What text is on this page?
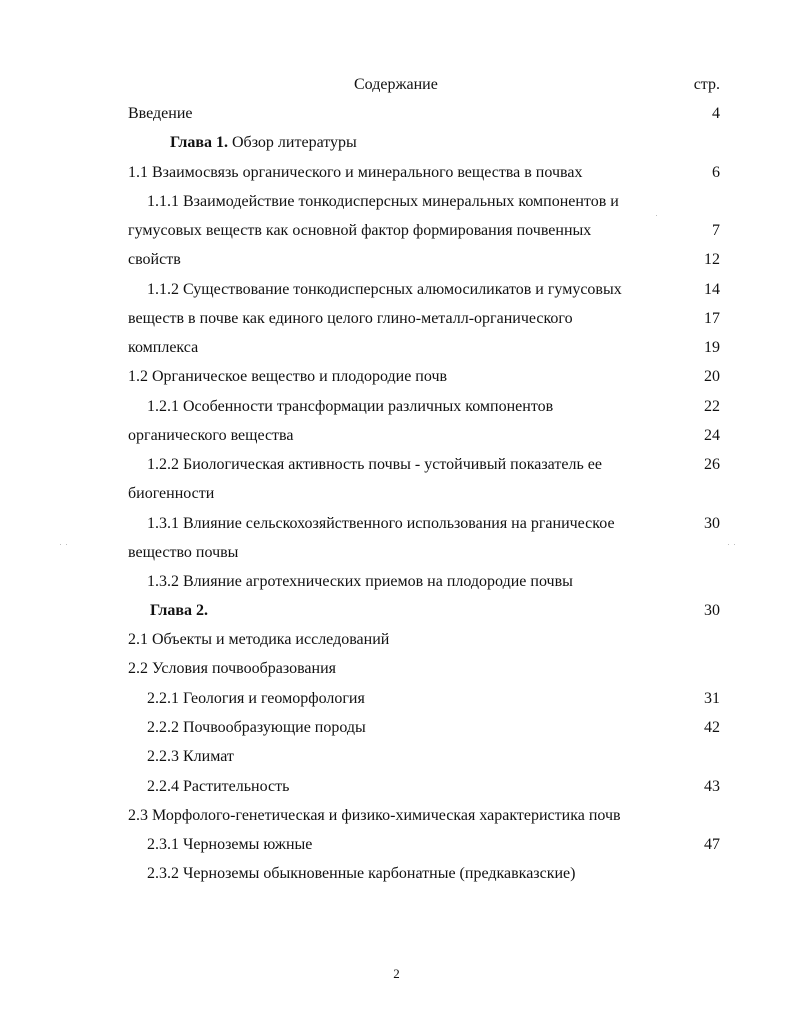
Содержание	стр.
Введение	4
Глава 1. Обзор литературы
1.1 Взаимосвязь органического и минерального вещества в почвах	6
1.1.1 Взаимодействие тонкодисперсных минеральных компонентов и
гумусовых веществ как основной фактор формирования почвенных	7
свойств	12
1.1.2 Существование тонкодисперсных алюмосиликатов и гумусовых	14
веществ в почве как единого целого глино-металл-органического	17
комплекса	19
1.2 Органическое вещество и плодородие почв	20
1.2.1 Особенности трансформации различных компонентов	22
органического вещества	24
1.2.2 Биологическая активность почвы - устойчивый показатель ее	26
биогенности
1.3.1 Влияние сельскохозяйственного использования на рганическое	30
вещество почвы
1.3.2 Влияние агротехнических приемов на плодородие почвы
Глава 2.	30
2.1 Объекты и методика исследований
2.2 Условия почвообразования
2.2.1 Геология и геоморфология	31
2.2.2 Почвообразующие породы	42
2.2.3 Климат
2.2.4 Растительность	43
2.3 Морфолого-генетическая и физико-химическая характеристика почв
2.3.1 Черноземы южные	47
2.3.2 Черноземы обыкновенные карбонатные (предкавказские)
2
